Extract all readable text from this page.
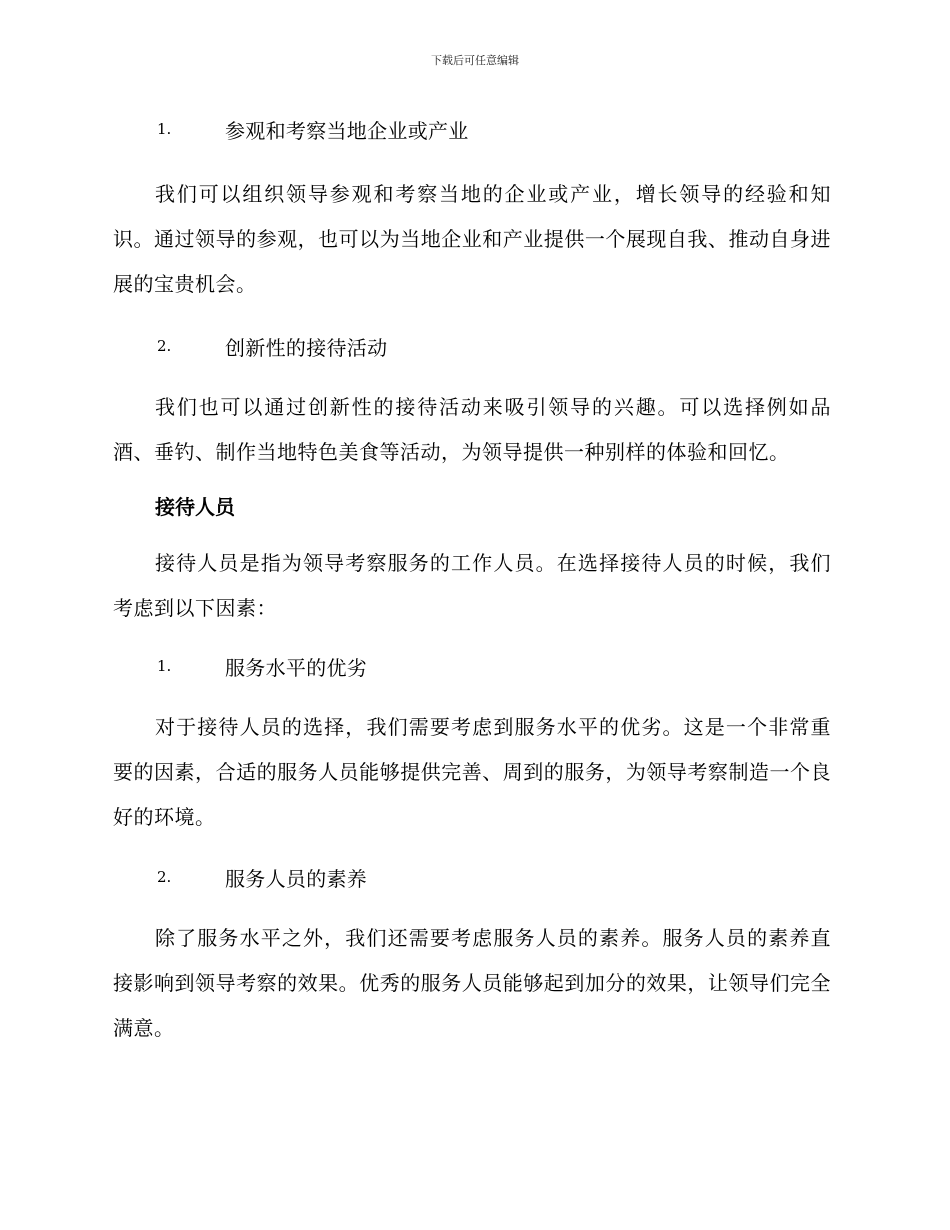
下载后可任意编辑
1.	参观和考察当地企业或产业

我们可以组织领导参观和考察当地的企业或产业，增长领导的经验和知识。通过领导的参观，也可以为当地企业和产业提供一个展现自我、推动自身进展的宝贵机会。

2.	创新性的接待活动

我们也可以通过创新性的接待活动来吸引领导的兴趣。可以选择例如品酒、垂钓、制作当地特色美食等活动，为领导提供一种别样的体验和回忆。

接待人员

接待人员是指为领导考察服务的工作人员。在选择接待人员的时候，我们考虑到以下因素：

1.	服务水平的优劣

对于接待人员的选择，我们需要考虑到服务水平的优劣。这是一个非常重要的因素，合适的服务人员能够提供完善、周到的服务，为领导考察制造一个良好的环境。

2.	服务人员的素养

除了服务水平之外，我们还需要考虑服务人员的素养。服务人员的素养直接影响到领导考察的效果。优秀的服务人员能够起到加分的效果，让领导们完全满意。
